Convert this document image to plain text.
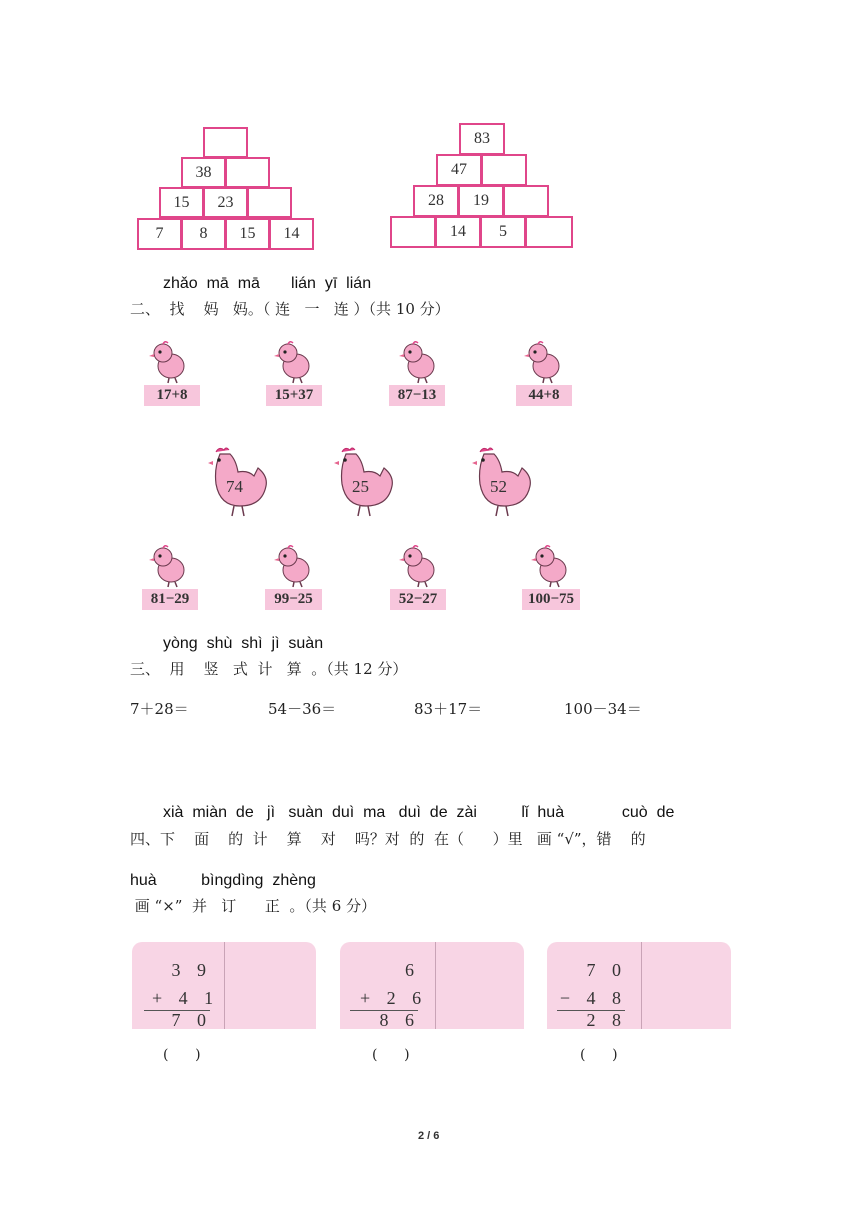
38
15	23
7	8	15	14
83
47
28	19
14	5
zhǎo  mā  mā       lián  yī  lián
二、  找    妈   妈。（ 连   一   连 ）（共 10 分）
17+8	15+37	87−13	44+8
74	25	52
81−29	99−25	52−27	100−75
yòng  shù  shì  jì  suàn
三、  用    竖   式  计   算  。（共 12 分）
7＋28＝	54－36＝	83＋17＝	100－34＝
xià  miàn  de   jì   suàn  duì  ma   duì  de  zài          lǐ  huà             cuò  de
四、下    面    的  计    算    对    吗？对  的  在（      ）里   画 “√”，错    的
huà          bìngdìng  zhèng
画 “×”  并   订      正  。（共 6 分）
3 9
+ 4 1
7 0
(      )
6
+ 2 6
8 6
(      )
7 0
− 4 8
2 8
(      )
2 / 6
